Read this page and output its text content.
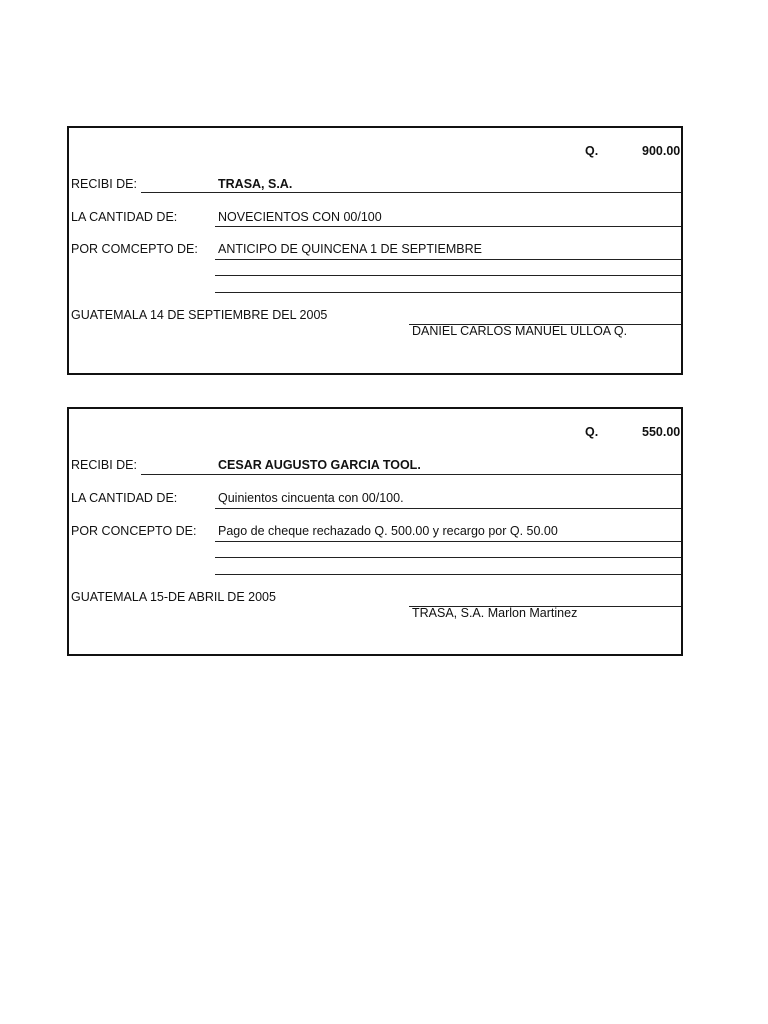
Q.	900.00
RECIBI DE:	TRASA, S.A.
LA CANTIDAD DE:	NOVECIENTOS CON 00/100
POR COMCEPTO DE: ANTICIPO DE QUINCENA 1 DE SEPTIEMBRE
GUATEMALA 14 DE SEPTIEMBRE DEL 2005
DANIEL CARLOS MANUEL ULLOA Q.
Q.	550.00
RECIBI DE:	CESAR AUGUSTO GARCIA TOOL.
LA CANTIDAD DE:	Quinientos cincuenta con 00/100.
POR CONCEPTO DE: Pago de cheque rechazado Q. 500.00 y recargo por Q. 50.00
GUATEMALA 15-DE ABRIL DE 2005
TRASA, S.A. Marlon Martinez
